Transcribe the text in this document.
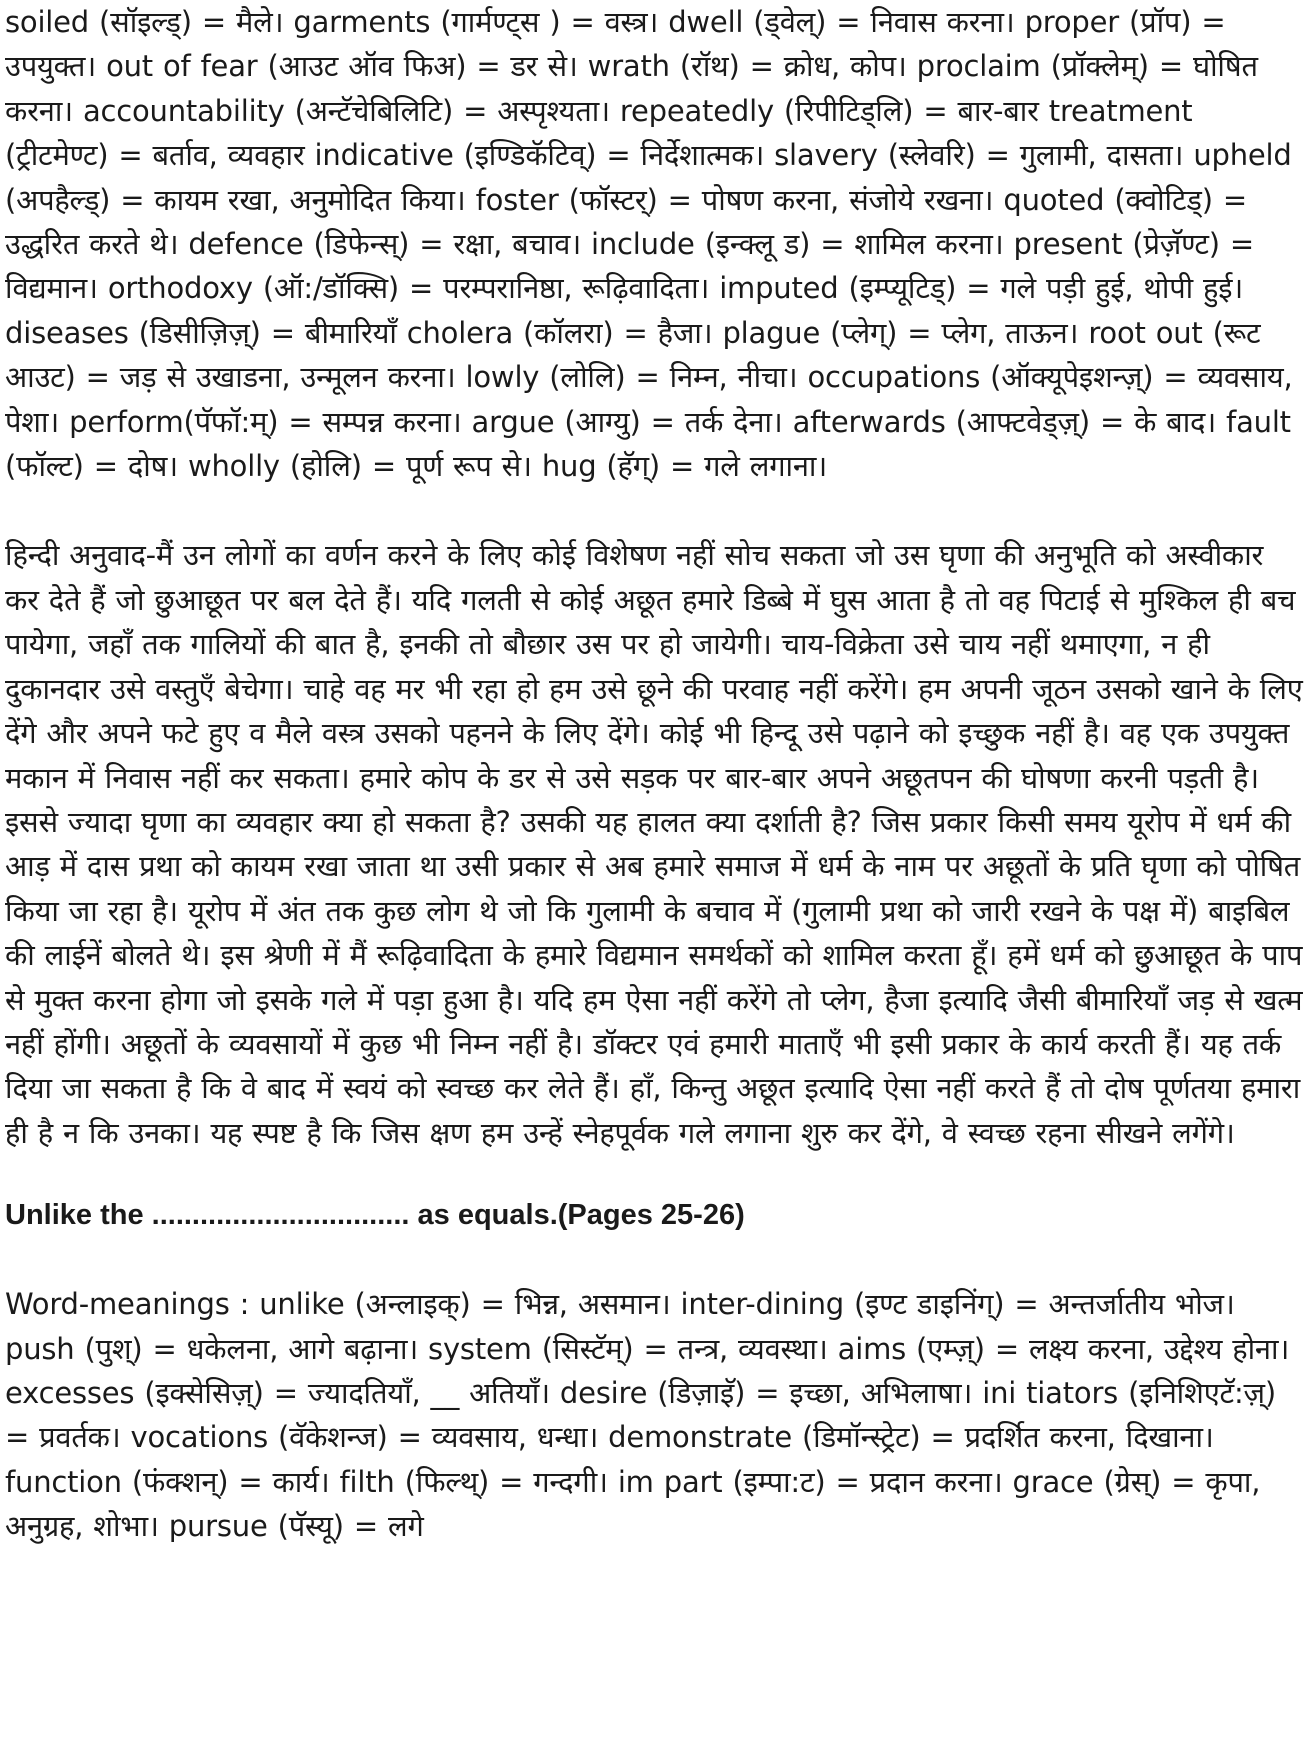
soiled (सॉइल्ड्) = मैले। garments (गार्मण्ट्स ) = वस्त्र। dwell (ड्वेल्) = निवास करना। proper (प्रॉप) = उपयुक्त। out of fear (आउट ऑव फिअ) = डर से। wrath (रॉथ) = क्रोध, कोप। proclaim (प्रॉक्लेम्) = घोषित करना। accountability (अन्टॅचेबिलिटि) = अस्पृश्यता। repeatedly (रिपीटिड्लि) = बार-बार treatment (ट्रीटमेण्ट) = बर्ताव, व्यवहार indicative (इण्डिकॅटिव्) = निर्देशात्मक। slavery (स्लेवरि) = गुलामी, दासता। upheld (अपहैल्ड्) = कायम रखा, अनुमोदित किया। foster (फॉस्टर्) = पोषण करना, संजोये रखना। quoted (क्वोटिड्) = उद्धरित करते थे। defence (डिफेन्स्) = रक्षा, बचाव। include (इन्क्लू ड) = शामिल करना। present (प्रेज़ॅण्ट) = विद्यमान। orthodoxy (ऑ:/डॉक्सि) = परम्परानिष्ठा, रूढ़िवादिता। imputed (इम्प्यूटिड्) = गले पड़ी हुई, थोपी हुई। diseases (डिसीज़िज़्) = बीमारियाँ cholera (कॉलरा) = हैजा। plague (प्लेग्) = प्लेग, ताऊन। root out (रूट आउट) = जड़ से उखाडना, उन्मूलन करना। lowly (लोलि) = निम्न, नीचा। occupations (ऑक्यूपेइशन्ज़्) = व्यवसाय, पेशा। perform(पॅफॉ:म्) = सम्पन्न करना। argue (आग्यु) = तर्क देना। afterwards (आफ्टवेड्ज़्) = के बाद। fault (फॉल्ट) = दोष। wholly (होलि) = पूर्ण रूप से। hug (हॅग्) = गले लगाना।

हिन्दी अनुवाद-मैं उन लोगों का वर्णन करने के लिए कोई विशेषण नहीं सोच सकता जो उस घृणा की अनुभूति को अस्वीकार कर देते हैं जो छुआछूत पर बल देते हैं। यदि गलती से कोई अछूत हमारे डिब्बे में घुस आता है तो वह पिटाई से मुश्किल ही बच पायेगा, जहाँ तक गालियों की बात है, इनकी तो बौछार उस पर हो जायेगी। चाय-विक्रेता उसे चाय नहीं थमाएगा, न ही दुकानदार उसे वस्तुएँ बेचेगा। चाहे वह मर भी रहा हो हम उसे छूने की परवाह नहीं करेंगे। हम अपनी जूठन उसको खाने के लिए देंगे और अपने फटे हुए व मैले वस्त्र उसको पहनने के लिए देंगे। कोई भी हिन्दू उसे पढ़ाने को इच्छुक नहीं है। वह एक उपयुक्त मकान में निवास नहीं कर सकता। हमारे कोप के डर से उसे सड़क पर बार-बार अपने अछूतपन की घोषणा करनी पड़ती है। इससे ज्यादा घृणा का व्यवहार क्या हो सकता है? उसकी यह हालत क्या दर्शाती है? जिस प्रकार किसी समय यूरोप में धर्म की आड़ में दास प्रथा को कायम रखा जाता था उसी प्रकार से अब हमारे समाज में धर्म के नाम पर अछूतों के प्रति घृणा को पोषित किया जा रहा है। यूरोप में अंत तक कुछ लोग थे जो कि गुलामी के बचाव में (गुलामी प्रथा को जारी रखने के पक्ष में) बाइबिल की लाईनें बोलते थे। इस श्रेणी में मैं रूढ़िवादिता के हमारे विद्यमान समर्थकों को शामिल करता हूँ। हमें धर्म को छुआछूत के पाप से मुक्त करना होगा जो इसके गले में पड़ा हुआ है। यदि हम ऐसा नहीं करेंगे तो प्लेग, हैजा इत्यादि जैसी बीमारियाँ जड़ से खत्म नहीं होंगी। अछूतों के व्यवसायों में कुछ भी निम्न नहीं है। डॉक्टर एवं हमारी माताएँ भी इसी प्रकार के कार्य करती हैं। यह तर्क दिया जा सकता है कि वे बाद में स्वयं को स्वच्छ कर लेते हैं। हाँ, किन्तु अछूत इत्यादि ऐसा नहीं करते हैं तो दोष पूर्णतया हमारा ही है न कि उनका। यह स्पष्ट है कि जिस क्षण हम उन्हें स्नेहपूर्वक गले लगाना शुरु कर देंगे, वे स्वच्छ रहना सीखने लगेंगे।

Unlike the ................................ as equals.(Pages 25-26)

Word-meanings : unlike (अन्लाइक्) = भिन्न, असमान। inter-dining (इण्ट डाइनिंग्) = अन्तर्जातीय भोज। push (पुश्) = धकेलना, आगे बढ़ाना। system (सिस्टॅम्) = तन्त्र, व्यवस्था। aims (एम्ज़्) = लक्ष्य करना, उद्देश्य होना। excesses (इक्सेसिज़्) = ज्यादतियाँ, __ अतियाँ। desire (डिज़ाइॅ) = इच्छा, अभिलाषा। ini tiators (इनिशिएटॅ:ज़्) = प्रवर्तक। vocations (वॅकेशन्ज) = व्यवसाय, धन्धा। demonstrate (डिमॉन्स्ट्रेट) = प्रदर्शित करना, दिखाना। function (फंक्शन्) = कार्य। filth (फिल्थ्) = गन्दगी। im part (इम्पा:ट) = प्रदान करना। grace (ग्रेस्) = कृपा, अनुग्रह, शोभा। pursue (पॅस्यू) = लगे
